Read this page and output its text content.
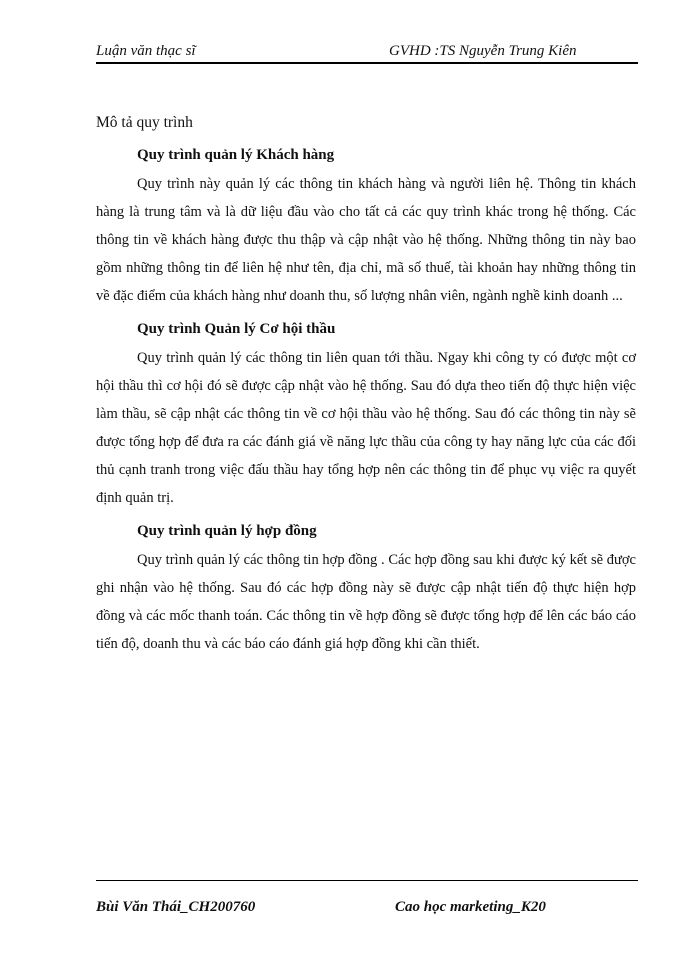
Luận văn thạc sĩ	GVHD :TS Nguyễn Trung Kiên

Mô tả quy trình

Quy trình quản lý Khách hàng

Quy trình này quản lý các thông tin khách hàng và người liên hệ. Thông tin khách hàng là trung tâm và là dữ liệu đầu vào cho tất cả các quy trình khác trong hệ thống. Các thông tin về khách hàng được thu thập và cập nhật vào hệ thống. Những thông tin này bao gồm những thông tin để liên hệ như tên, địa chỉ, mã số thuế, tài khoản hay những thông tin về đặc điểm của khách hàng như doanh thu, số lượng nhân viên, ngành nghề kinh doanh ...

Quy trình Quản lý Cơ hội thầu

Quy trình quản lý các thông tin liên quan tới thầu. Ngay khi công ty có được một cơ hội thầu thì cơ hội đó sẽ được cập nhật vào hệ thống. Sau đó dựa theo tiến độ thực hiện việc làm thầu, sẽ cập nhật các thông tin về cơ hội thầu vào hệ thống. Sau đó các thông tin này sẽ được tổng hợp để đưa ra các đánh giá về năng lực thầu của công ty hay năng lực của các đối thủ cạnh tranh trong việc đấu thầu hay tổng hợp nên các thông tin để phục vụ việc ra quyết định quản trị.

Quy trình quản lý hợp đồng

Quy trình quản lý các thông tin hợp đồng . Các hợp đồng sau khi được ký kết sẽ được ghi nhận vào hệ thống. Sau đó các hợp đồng này sẽ được cập nhật tiến độ thực hiện hợp đồng và các mốc thanh toán. Các thông tin về hợp đồng sẽ được tổng hợp để lên các báo cáo tiến độ, doanh thu và các báo cáo đánh giá hợp đồng khi cần thiết.

Bùi Văn Thái_CH200760	Cao học marketing_K20
